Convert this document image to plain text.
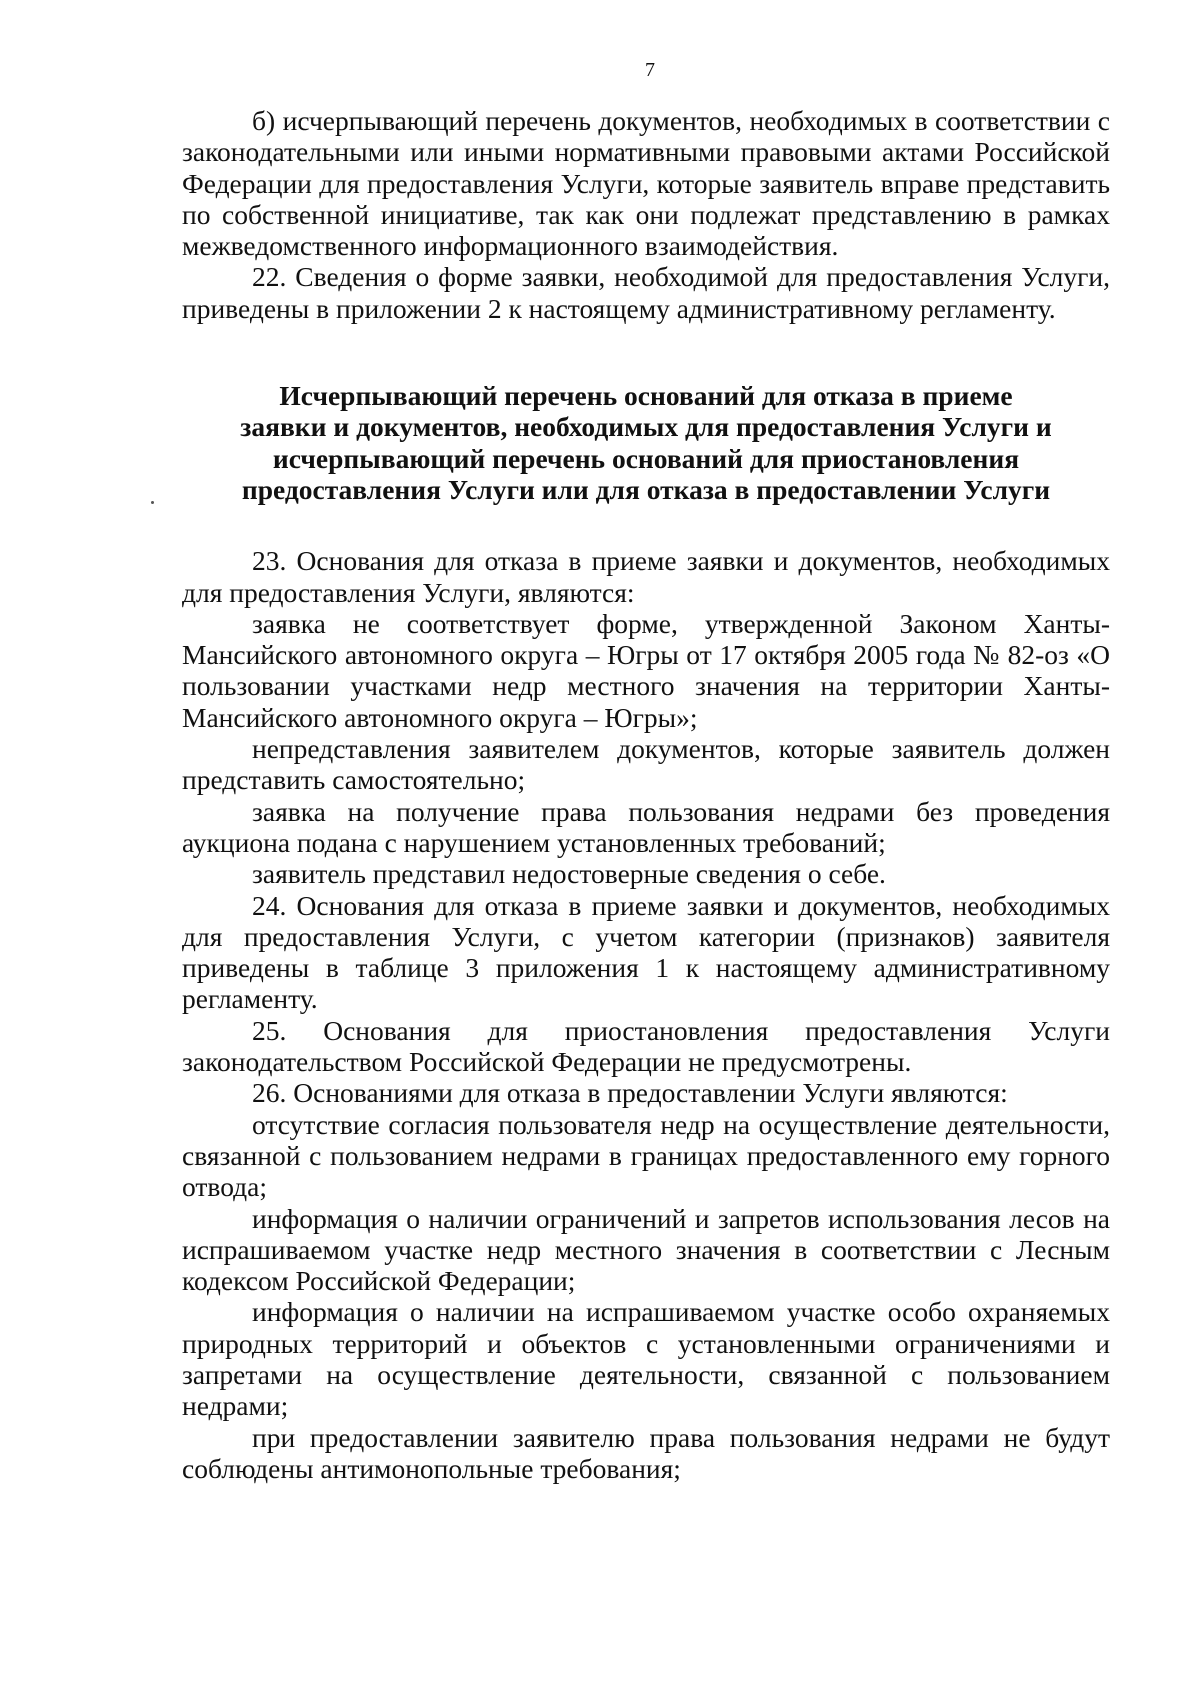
7

б) исчерпывающий перечень документов, необходимых в соответствии с законодательными или иными нормативными правовыми актами Российской Федерации для предоставления Услуги, которые заявитель вправе представить по собственной инициативе, так как они подлежат представлению в рамках межведомственного информационного взаимодействия.

22. Сведения о форме заявки, необходимой для предоставления Услуги, приведены в приложении 2 к настоящему административному регламенту.

Исчерпывающий перечень оснований для отказа в приеме
заявки и документов, необходимых для предоставления Услуги и
исчерпывающий перечень оснований для приостановления
предоставления Услуги или для отказа в предоставлении Услуги

23. Основания для отказа в приеме заявки и документов, необходимых для предоставления Услуги, являются:

заявка не соответствует форме, утвержденной Законом Ханты-Мансийского автономного округа – Югры от 17 октября 2005 года № 82-оз «О пользовании участками недр местного значения на территории Ханты-Мансийского автономного округа – Югры»;

непредставления заявителем документов, которые заявитель должен представить самостоятельно;

заявка на получение права пользования недрами без проведения аукциона подана с нарушением установленных требований;

заявитель представил недостоверные сведения о себе.

24. Основания для отказа в приеме заявки и документов, необходимых для предоставления Услуги, с учетом категории (признаков) заявителя приведены в таблице 3 приложения 1 к настоящему административному регламенту.

25. Основания для приостановления предоставления Услуги законодательством Российской Федерации не предусмотрены.

26. Основаниями для отказа в предоставлении Услуги являются:

отсутствие согласия пользователя недр на осуществление деятельности, связанной с пользованием недрами в границах предоставленного ему горного отвода;

информация о наличии ограничений и запретов использования лесов на испрашиваемом участке недр местного значения в соответствии с Лесным кодексом Российской Федерации;

информация о наличии на испрашиваемом участке особо охраняемых природных территорий и объектов с установленными ограничениями и запретами на осуществление деятельности, связанной с пользованием недрами;

при предоставлении заявителю права пользования недрами не будут соблюдены антимонопольные требования;
